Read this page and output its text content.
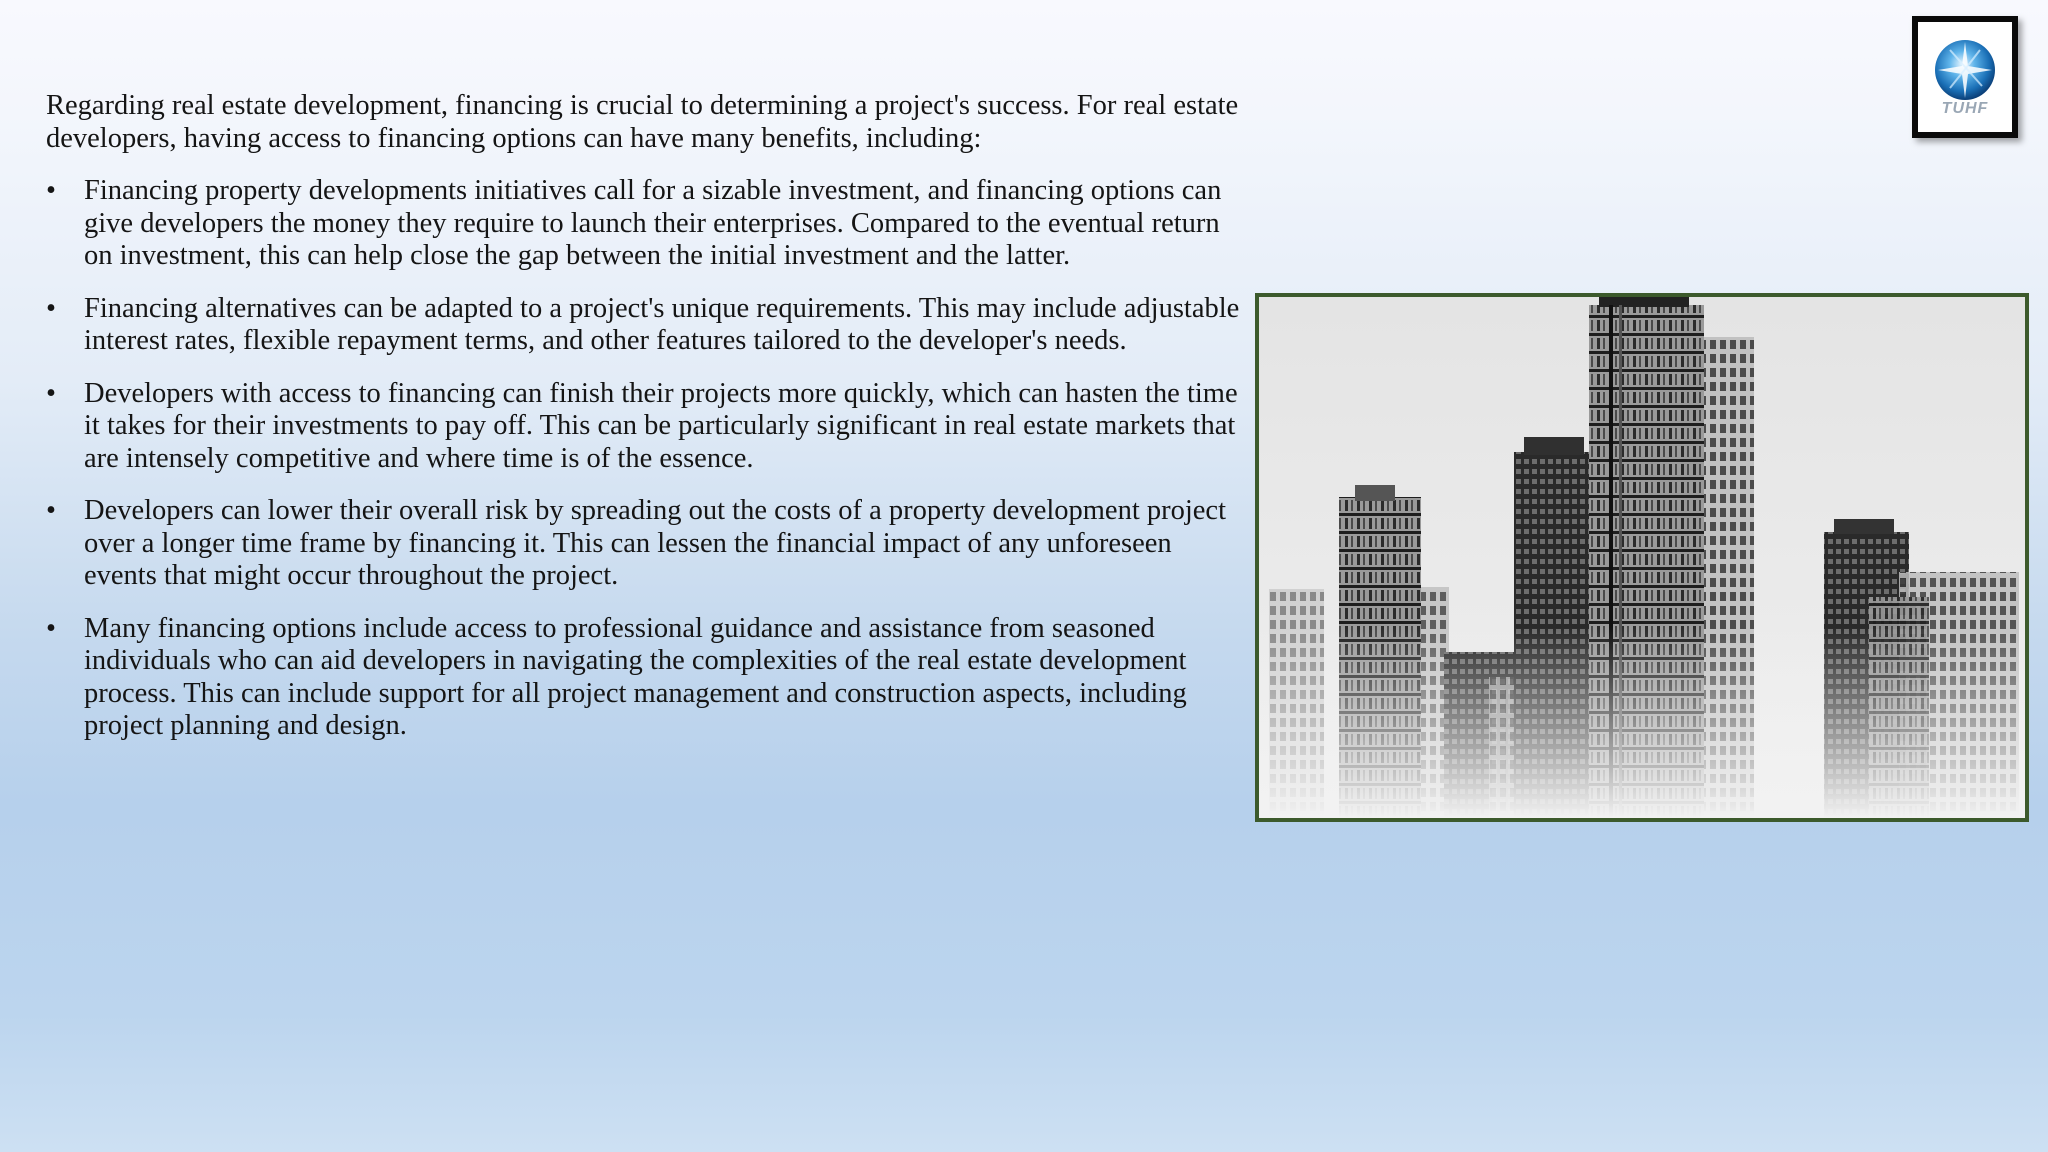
Regarding real estate development, financing is crucial to determining a project's success. For real estate developers, having access to financing options can have many benefits, including:

• Financing property developments initiatives call for a sizable investment, and financing options can give developers the money they require to launch their enterprises. Compared to the eventual return on investment, this can help close the gap between the initial investment and the latter.
• Financing alternatives can be adapted to a project's unique requirements. This may include adjustable interest rates, flexible repayment terms, and other features tailored to the developer's needs.
• Developers with access to financing can finish their projects more quickly, which can hasten the time it takes for their investments to pay off. This can be particularly significant in real estate markets that are intensely competitive and where time is of the essence.
• Developers can lower their overall risk by spreading out the costs of a property development project over a longer time frame by financing it. This can lessen the financial impact of any unforeseen events that might occur throughout the project.
• Many financing options include access to professional guidance and assistance from seasoned individuals who can aid developers in navigating the complexities of the real estate development process. This can include support for all project management and construction aspects, including project planning and design.
TUHF
